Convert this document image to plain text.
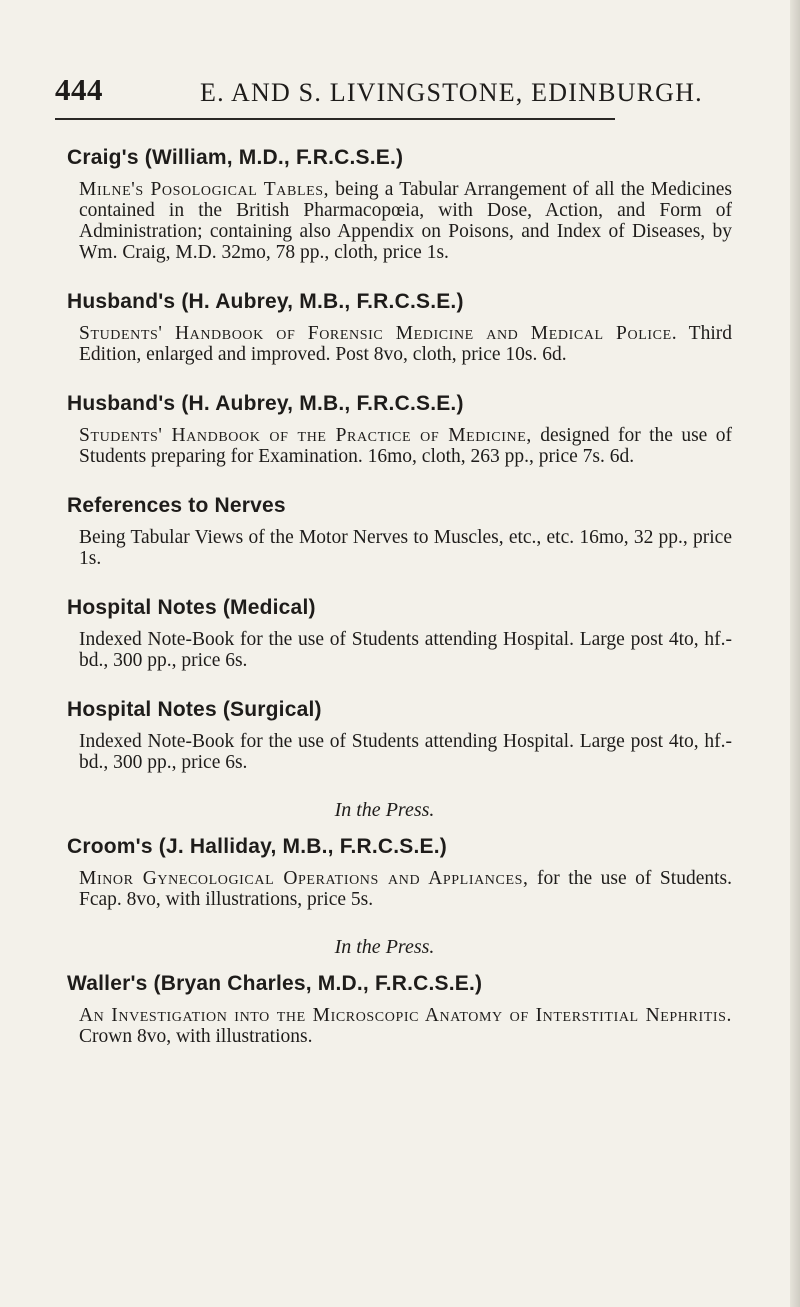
444	E. AND S. LIVINGSTONE, EDINBURGH.

Craig's (William, M.D., F.R.C.S.E.)

Milne's Posological Tables, being a Tabular Arrangement of all the Medicines contained in the British Pharmacopœia, with Dose, Action, and Form of Administration; containing also Appendix on Poisons, and Index of Diseases, by Wm. Craig, M.D. 32mo, 78 pp., cloth, price 1s.

Husband's (H. Aubrey, M.B., F.R.C.S.E.)

Students' Handbook of Forensic Medicine and Medical Police. Third Edition, enlarged and improved. Post 8vo, cloth, price 10s. 6d.

Husband's (H. Aubrey, M.B., F.R.C.S.E.)

Students' Handbook of the Practice of Medicine, designed for the use of Students preparing for Examination. 16mo, cloth, 263 pp., price 7s. 6d.

References to Nerves

Being Tabular Views of the Motor Nerves to Muscles, etc., etc. 16mo, 32 pp., price 1s.

Hospital Notes (Medical)

Indexed Note-Book for the use of Students attending Hospital. Large post 4to, hf.-bd., 300 pp., price 6s.

Hospital Notes (Surgical)

Indexed Note-Book for the use of Students attending Hospital. Large post 4to, hf.-bd., 300 pp., price 6s.

In the Press.

Croom's (J. Halliday, M.B., F.R.C.S.E.)

Minor Gynecological Operations and Appliances, for the use of Students. Fcap. 8vo, with illustrations, price 5s.

In the Press.

Waller's (Bryan Charles, M.D., F.R.C.S.E.)

An Investigation into the Microscopic Anatomy of Interstitial Nephritis. Crown 8vo, with illustrations.
